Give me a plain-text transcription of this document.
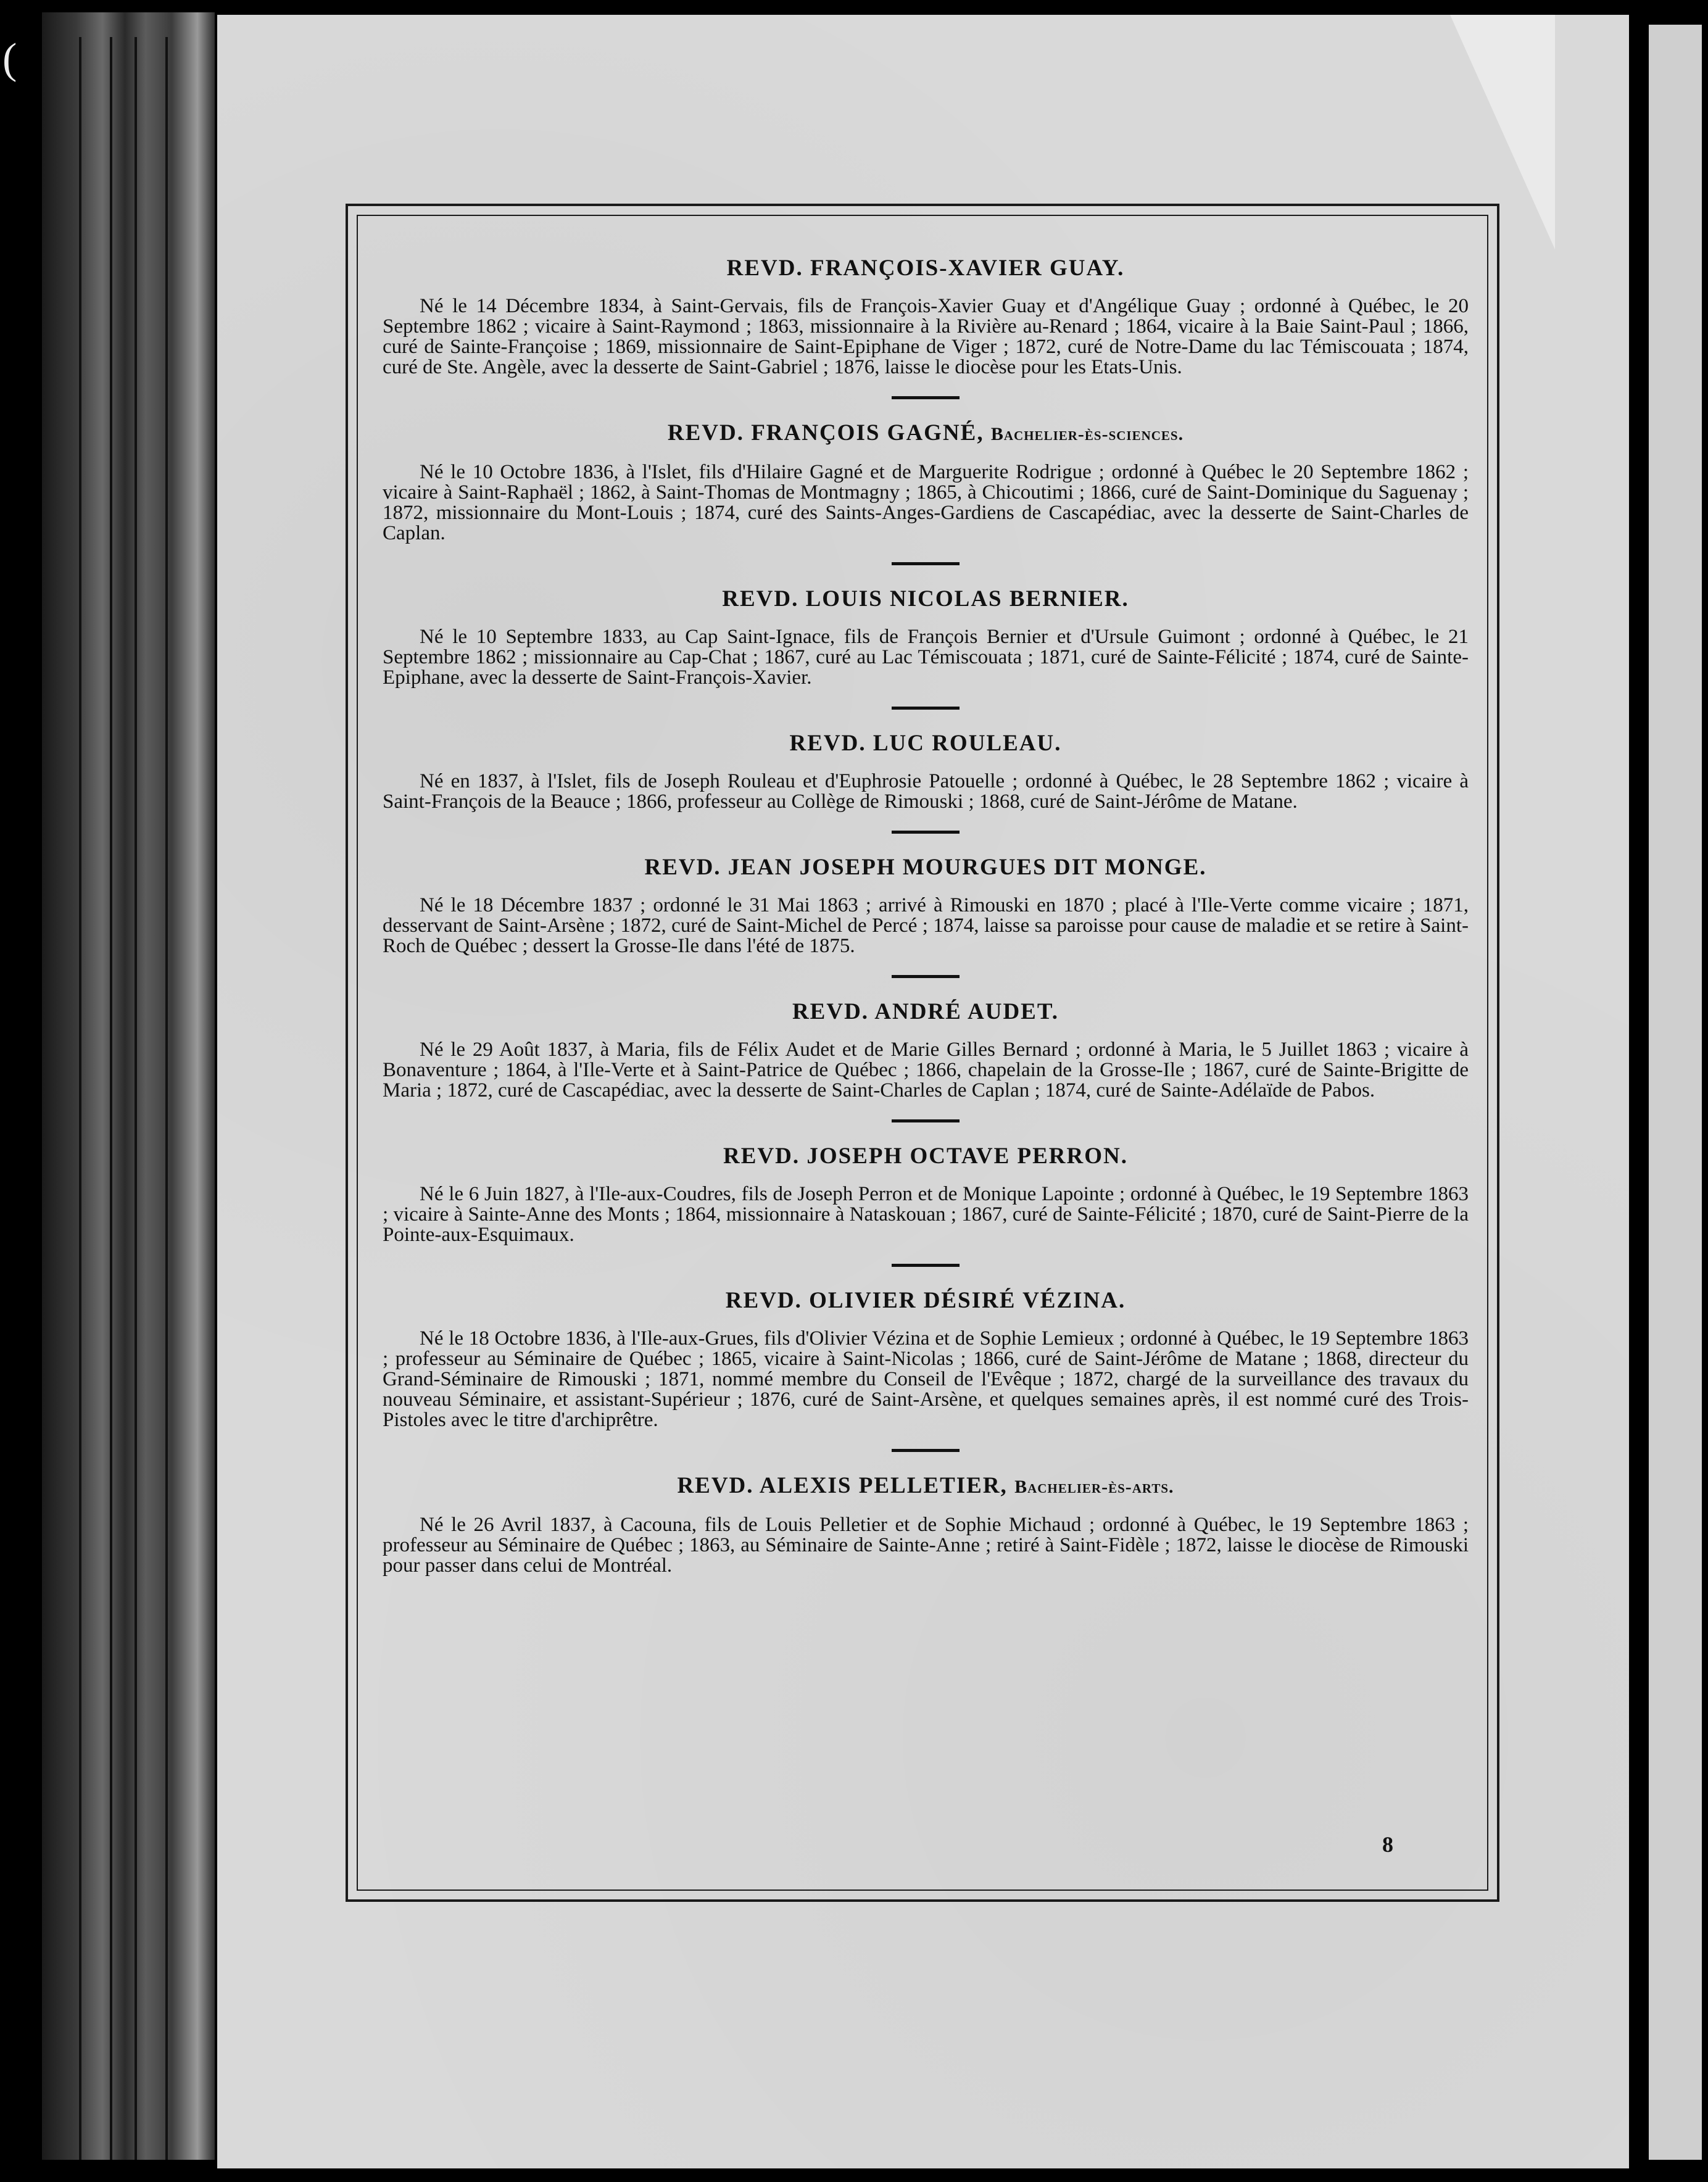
(
REVD. FRANÇOIS-XAVIER GUAY.

Né le 14 Décembre 1834, à Saint-Gervais, fils de François-Xavier Guay et d'Angélique Guay ; ordonné à Québec, le 20 Septembre 1862 ; vicaire à Saint-Raymond ; 1863, missionnaire à la Rivière au-Renard ; 1864, vicaire à la Baie Saint-Paul ; 1866, curé de Sainte-Françoise ; 1869, missionnaire de Saint-Epiphane de Viger ; 1872, curé de Notre-Dame du lac Témiscouata ; 1874, curé de Ste. Angèle, avec la desserte de Saint-Gabriel ; 1876, laisse le diocèse pour les Etats-Unis.

REVD. FRANÇOIS GAGNÉ, Bachelier-ès-sciences.

Né le 10 Octobre 1836, à l'Islet, fils d'Hilaire Gagné et de Marguerite Rodrigue ; ordonné à Québec le 20 Septembre 1862 ; vicaire à Saint-Raphaël ; 1862, à Saint-Thomas de Montmagny ; 1865, à Chicoutimi ; 1866, curé de Saint-Dominique du Saguenay ; 1872, missionnaire du Mont-Louis ; 1874, curé des Saints-Anges-Gardiens de Cascapédiac, avec la desserte de Saint-Charles de Caplan.

REVD. LOUIS NICOLAS BERNIER.

Né le 10 Septembre 1833, au Cap Saint-Ignace, fils de François Bernier et d'Ursule Guimont ; ordonné à Québec, le 21 Septembre 1862 ; missionnaire au Cap-Chat ; 1867, curé au Lac Témiscouata ; 1871, curé de Sainte-Félicité ; 1874, curé de Sainte-Epiphane, avec la desserte de Saint-François-Xavier.

REVD. LUC ROULEAU.

Né en 1837, à l'Islet, fils de Joseph Rouleau et d'Euphrosie Patouelle ; ordonné à Québec, le 28 Septembre 1862 ; vicaire à Saint-François de la Beauce ; 1866, professeur au Collège de Rimouski ; 1868, curé de Saint-Jérôme de Matane.

REVD. JEAN JOSEPH MOURGUES DIT MONGE.

Né le 18 Décembre 1837 ; ordonné le 31 Mai 1863 ; arrivé à Rimouski en 1870 ; placé à l'Ile-Verte comme vicaire ; 1871, desservant de Saint-Arsène ; 1872, curé de Saint-Michel de Percé ; 1874, laisse sa paroisse pour cause de maladie et se retire à Saint-Roch de Québec ; dessert la Grosse-Ile dans l'été de 1875.

REVD. ANDRÉ AUDET.

Né le 29 Août 1837, à Maria, fils de Félix Audet et de Marie Gilles Bernard ; ordonné à Maria, le 5 Juillet 1863 ; vicaire à Bonaventure ; 1864, à l'Ile-Verte et à Saint-Patrice de Québec ; 1866, chapelain de la Grosse-Ile ; 1867, curé de Sainte-Brigitte de Maria ; 1872, curé de Cascapédiac, avec la desserte de Saint-Charles de Caplan ; 1874, curé de Sainte-Adélaïde de Pabos.

REVD. JOSEPH OCTAVE PERRON.

Né le 6 Juin 1827, à l'Ile-aux-Coudres, fils de Joseph Perron et de Monique Lapointe ; ordonné à Québec, le 19 Septembre 1863 ; vicaire à Sainte-Anne des Monts ; 1864, missionnaire à Nataskouan ; 1867, curé de Sainte-Félicité ; 1870, curé de Saint-Pierre de la Pointe-aux-Esquimaux.

REVD. OLIVIER DÉSIRÉ VÉZINA.

Né le 18 Octobre 1836, à l'Ile-aux-Grues, fils d'Olivier Vézina et de Sophie Lemieux ; ordonné à Québec, le 19 Septembre 1863 ; professeur au Séminaire de Québec ; 1865, vicaire à Saint-Nicolas ; 1866, curé de Saint-Jérôme de Matane ; 1868, directeur du Grand-Séminaire de Rimouski ; 1871, nommé membre du Conseil de l'Evêque ; 1872, chargé de la surveillance des travaux du nouveau Séminaire, et assistant-Supérieur ; 1876, curé de Saint-Arsène, et quelques semaines après, il est nommé curé des Trois-Pistoles avec le titre d'archiprêtre.

REVD. ALEXIS PELLETIER, Bachelier-ès-arts.

Né le 26 Avril 1837, à Cacouna, fils de Louis Pelletier et de Sophie Michaud ; ordonné à Québec, le 19 Septembre 1863 ; professeur au Séminaire de Québec ; 1863, au Séminaire de Sainte-Anne ; retiré à Saint-Fidèle ; 1872, laisse le diocèse de Rimouski pour passer dans celui de Montréal.

8
